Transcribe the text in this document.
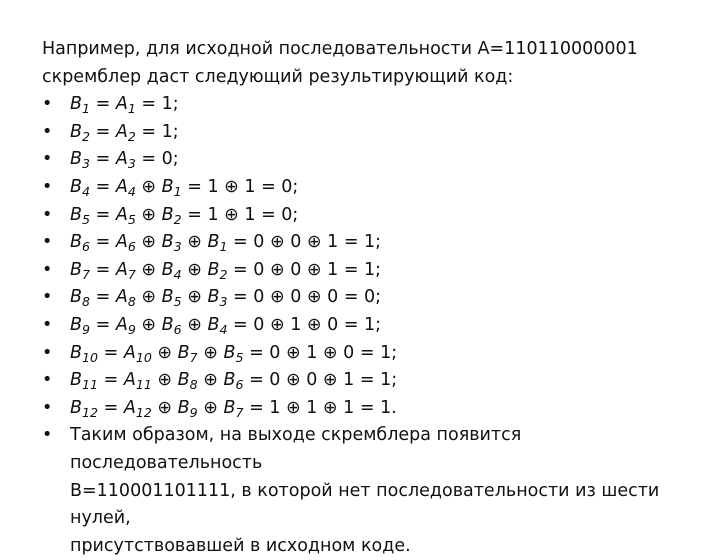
Например, для исходной последовательности A=110110000001
скремблер даст следующий результирующий код:
• $B_1 = A_1 = 1$;
• $B_2 = A_2 = 1$;
• $B_3 = A_3 = 0$;
• $B_4 = A_4$ ⊕ $B_1 = 1$ ⊕ 1 = 0;
• $B_5 = A_5$ ⊕ $B_2 = 1$ ⊕ 1 = 0;
• $B_6 = A_6$ ⊕ $B_3$ ⊕ $B_1 = 0$ ⊕ 0 ⊕ 1 = 1;
• $B_7 = A_7$ ⊕ $B_4$ ⊕ $B_2 = 0$ ⊕ 0 ⊕ 1 = 1;
• $B_8 = A_8$ ⊕ $B_5$ ⊕ $B_3 = 0$ ⊕ 0 ⊕ 0 = 0;
• $B_9 = A_9$ ⊕ $B_6$ ⊕ $B_4 = 0$ ⊕ 1 ⊕ 0 = 1;
• $B_{10} = A_{10}$ ⊕ $B_7$ ⊕ $B_5 = 0$ ⊕ 1 ⊕ 0 = 1;
• $B_{11} = A_{11}$ ⊕ $B_8$ ⊕ $B_6 = 0$ ⊕ 0 ⊕ 1 = 1;
• $B_{12} = A_{12}$ ⊕ $B_9$ ⊕ $B_7 = 1$ ⊕ 1 ⊕ 1 = 1.
• Таким образом, на выходе скремблера появится последовательность
B=110001101111, в которой нет последовательности из шести нулей,
присутствовавшей в исходном коде.
